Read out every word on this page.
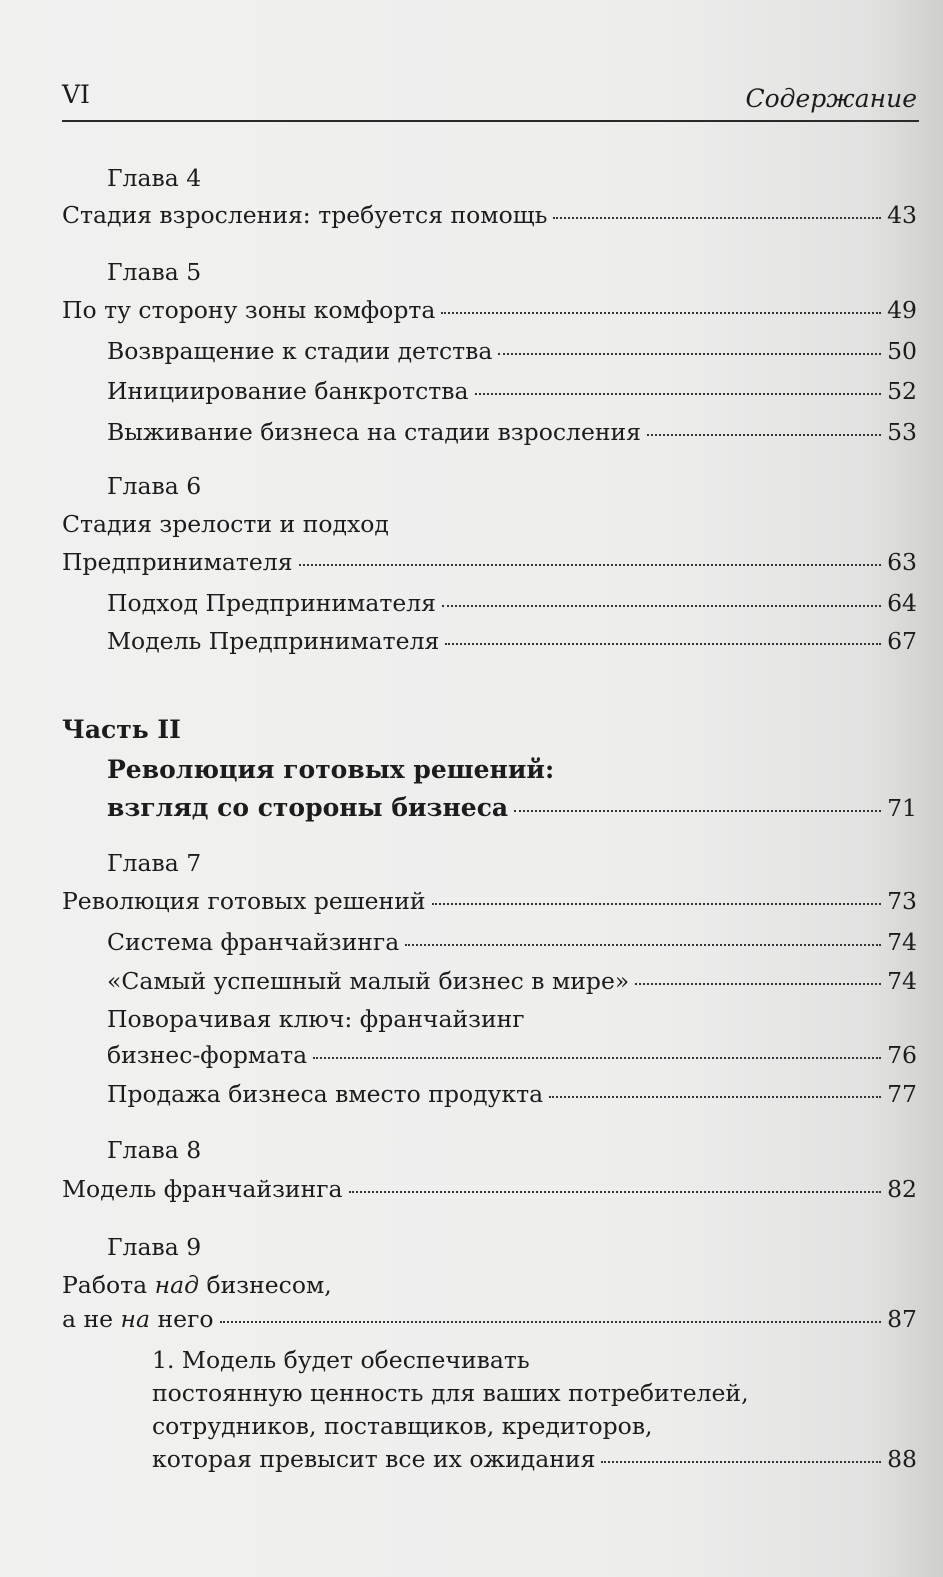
VI	Содержание
Глава 4
Стадия взросления: требуется помощь	43
Глава 5
По ту сторону зоны комфорта	49
Возвращение к стадии детства	50
Инициирование банкротства	52
Выживание бизнеса на стадии взросления	53
Глава 6
Стадия зрелости и подход
Предпринимателя	63
Подход Предпринимателя	64
Модель Предпринимателя	67
Часть II
Революция готовых решений:
взгляд со стороны бизнеса	71
Глава 7
Революция готовых решений	73
Система франчайзинга	74
«Самый успешный малый бизнес в мире»	74
Поворачивая ключ: франчайзинг
бизнес-формата	76
Продажа бизнеса вместо продукта	77
Глава 8
Модель франчайзинга	82
Глава 9
Работа над бизнесом,
а не на него	87
1. Модель будет обеспечивать
постоянную ценность для ваших потребителей,
сотрудников, поставщиков, кредиторов,
которая превысит все их ожидания	88
